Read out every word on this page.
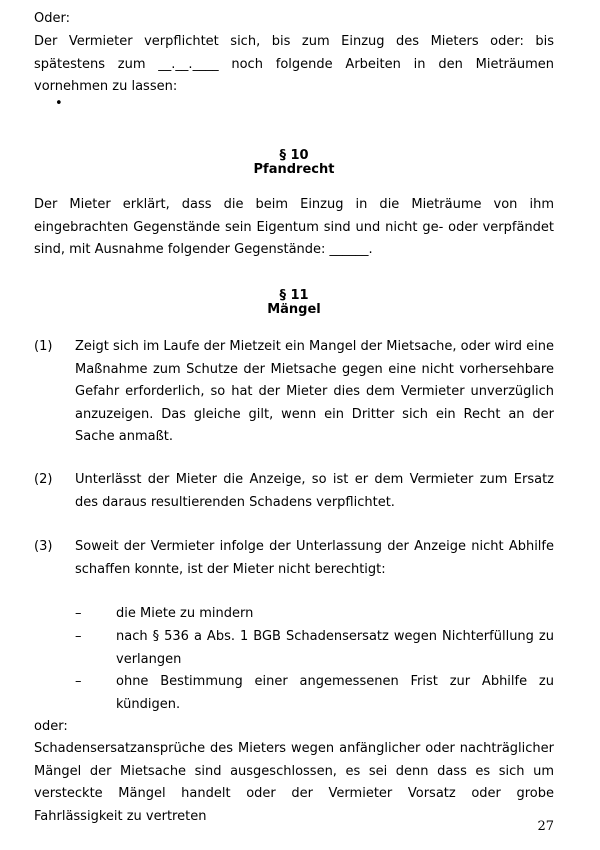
Oder:

Der Vermieter verpflichtet sich, bis zum Einzug des Mieters oder: bis spätestens zum __.__.____ noch folgende Arbeiten in den Mieträumen vornehmen zu lassen:

§ 10
Pfandrecht

Der Mieter erklärt, dass die beim Einzug in die Mieträume von ihm eingebrachten Gegenstände sein Eigentum sind und nicht ge- oder verpfändet sind, mit Ausnahme folgender Gegenstände: ______.

§ 11
Mängel
(1)	Zeigt sich im Laufe der Mietzeit ein Mangel der Mietsache, oder wird eine Maßnahme zum Schutze der Mietsache gegen eine nicht vorhersehbare Gefahr erforderlich, so hat der Mieter dies dem Vermieter unverzüglich anzuzeigen. Das gleiche gilt, wenn ein Dritter sich ein Recht an der Sache anmaßt.

(2)	Unterlässt der Mieter die Anzeige, so ist er dem Vermieter zum Ersatz des daraus resultierenden Schadens verpflichtet.

(3)	Soweit der Vermieter infolge der Unterlassung der Anzeige nicht Abhilfe schaffen konnte, ist der Mieter nicht berechtigt:

–	die Miete zu mindern

–	nach § 536 a Abs. 1 BGB Schadensersatz wegen Nichterfüllung zu verlangen

–	ohne Bestimmung einer angemessenen Frist zur Abhilfe zu kündigen.

oder:

Schadensersatzansprüche des Mieters wegen anfänglicher oder nachträglicher Mängel der Mietsache sind ausgeschlossen, es sei denn dass es sich um versteckte Mängel handelt oder der Vermieter Vorsatz oder grobe Fahrlässigkeit zu vertreten

•
27
